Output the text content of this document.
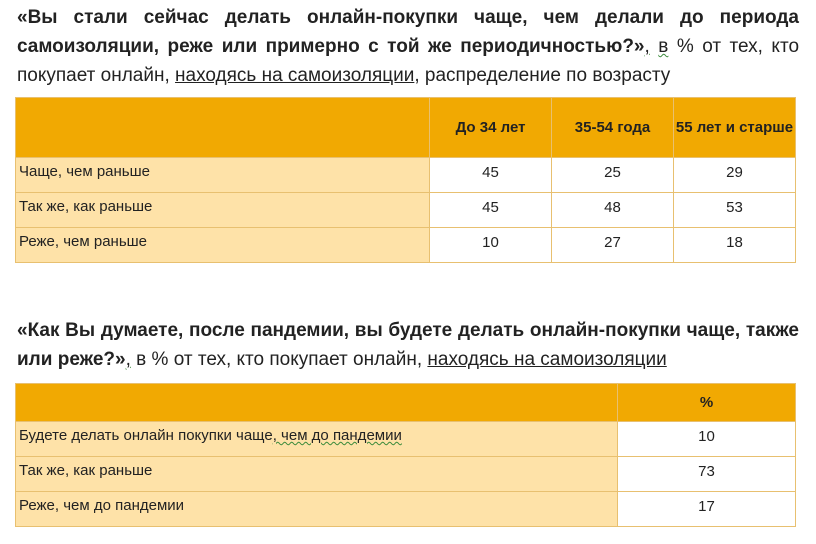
«Вы стали сейчас делать онлайн-покупки чаще, чем делали до периода самоизоляции, реже или примерно с той же периодичностью?», в % от тех, кто покупает онлайн, находясь на самоизоляции, распределение по возрасту
	До 34 лет	35-54 года	55 лет и старше
Чаще, чем раньше	45	25	29
Так же, как раньше	45	48	53
Реже, чем раньше	10	27	18
«Как Вы думаете, после пандемии, вы будете делать онлайн-покупки чаще, также или реже?», в % от тех, кто покупает онлайн, находясь на самоизоляции
	%
Будете делать онлайн покупки чаще, чем до пандемии	10
Так же, как раньше	73
Реже, чем до пандемии	17
